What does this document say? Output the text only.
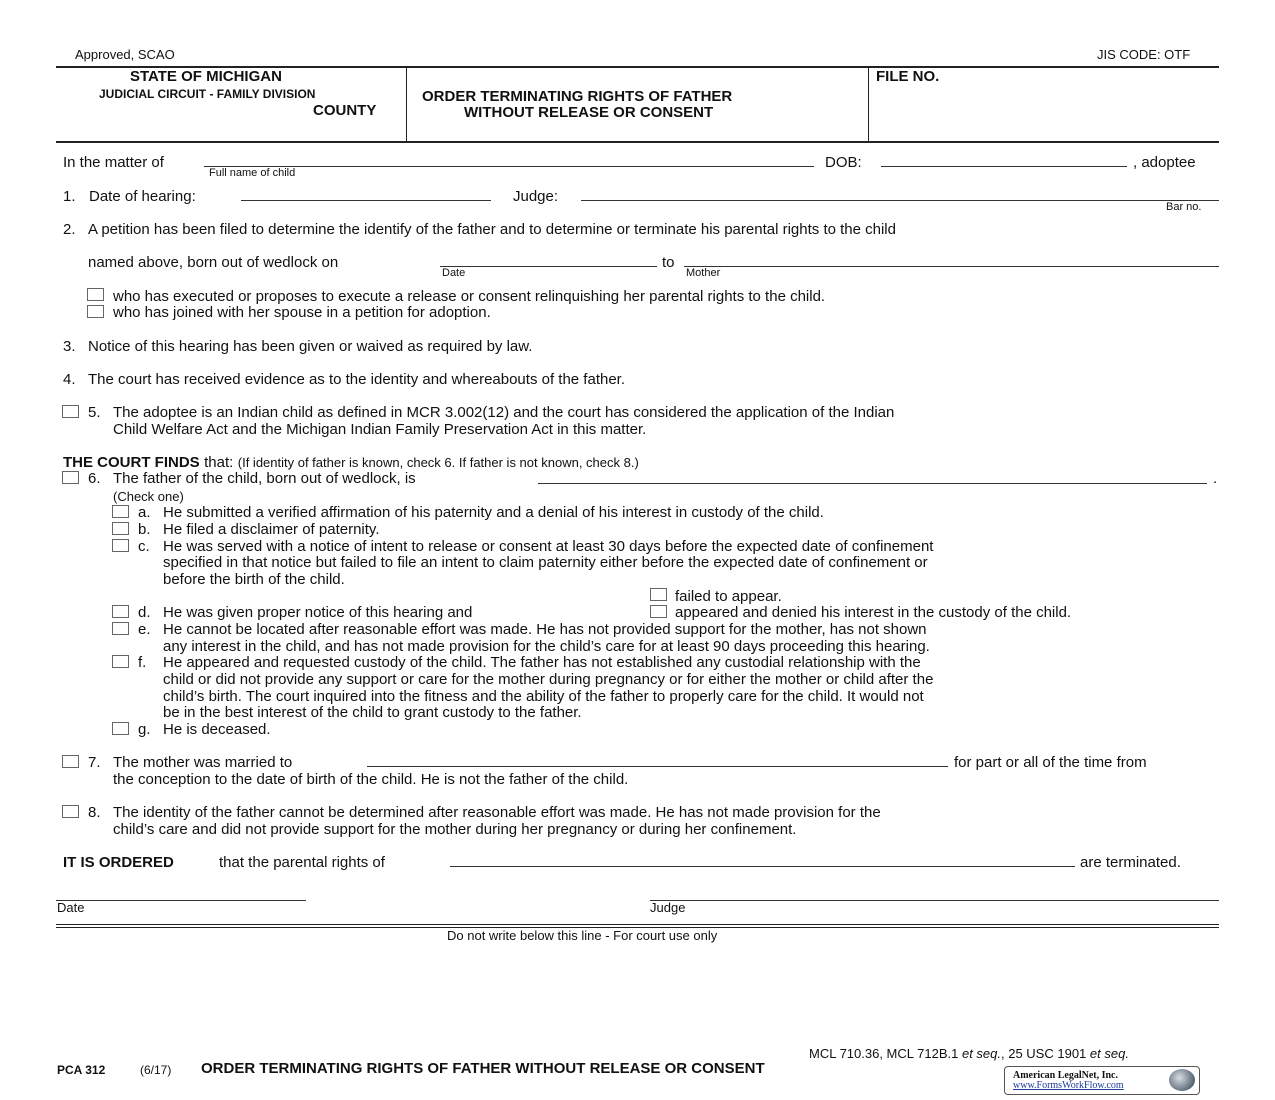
Approved, SCAO	JIS CODE: OTF
STATE OF MICHIGAN
JUDICIAL CIRCUIT - FAMILY DIVISION
COUNTY
ORDER TERMINATING RIGHTS OF FATHER
WITHOUT RELEASE OR CONSENT
FILE NO.
In the matter of
Full name of child
DOB:	, adoptee
1. Date of hearing:	Judge:
Bar no.
2. A petition has been filed to determine the identify of the father and to determine or terminate his parental rights to the child
named above, born out of wedlock on
Date
to
Mother
who has executed or proposes to execute a release or consent relinquishing her parental rights to the child.
who has joined with her spouse in a petition for adoption.
3. Notice of this hearing has been given or waived as required by law.
4. The court has received evidence as to the identity and whereabouts of the father.
5. The adoptee is an Indian child as defined in MCR 3.002(12) and the court has considered the application of the Indian
Child Welfare Act and the Michigan Indian Family Preservation Act in this matter.
THE COURT FINDS that: (If identity of father is known, check 6. If father is not known, check 8.)
6. The father of the child, born out of wedlock, is	.
(Check one)
a. He submitted a verified affirmation of his paternity and a denial of his interest in custody of the child.
b. He filed a disclaimer of paternity.
c. He was served with a notice of intent to release or consent at least 30 days before the expected date of confinement
specified in that notice but failed to file an intent to claim paternity either before the expected date of confinement or
before the birth of the child.
failed to appear.
d. He was given proper notice of this hearing and	appeared and denied his interest in the custody of the child.
e. He cannot be located after reasonable effort was made. He has not provided support for the mother, has not shown
any interest in the child, and has not made provision for the child’s care for at least 90 days proceeding this hearing.
f. He appeared and requested custody of the child. The father has not established any custodial relationship with the
child or did not provide any support or care for the mother during pregnancy or for either the mother or child after the
child’s birth. The court inquired into the fitness and the ability of the father to properly care for the child. It would not
be in the best interest of the child to grant custody to the father.
g. He is deceased.
7. The mother was married to	for part or all of the time from
the conception to the date of birth of the child. He is not the father of the child.
8. The identity of the father cannot be determined after reasonable effort was made. He has not made provision for the
child’s care and did not provide support for the mother during her pregnancy or during her confinement.
IT IS ORDERED	that the parental rights of	are terminated.
Date	Judge
Do not write below this line - For court use only
MCL 710.36, MCL 712B.1 et seq., 25 USC 1901 et seq.
PCA 312	(6/17) ORDER TERMINATING RIGHTS OF FATHER WITHOUT RELEASE OR CONSENT	American LegalNet, Inc.
www.FormsWorkFlow.com
